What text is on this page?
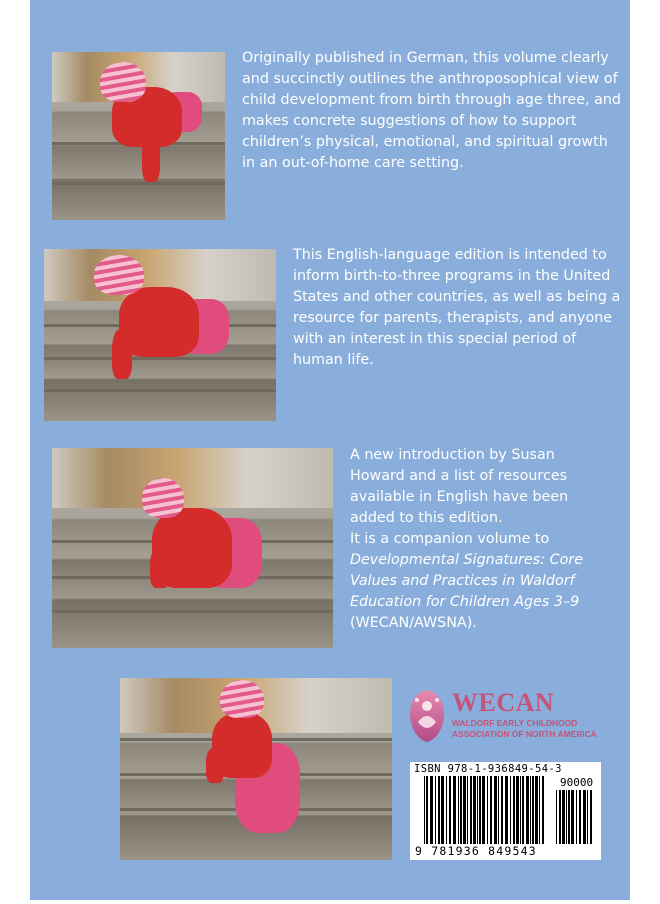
Originally published in German, this volume clearly and succinctly outlines the anthroposophical view of child development from birth through age three, and makes concrete suggestions of how to support children’s physical, emotional, and spiritual growth in an out-of-home care setting.

This English-language edition is intended to inform birth-to-three programs in the United States and other countries, as well as being a resource for parents, therapists, and anyone with an interest in this special period of human life.

A new introduction by Susan Howard and a list of resources available in English have been added to this edition.

It is a companion volume to Developmental Signatures: Core Values and Practices in Waldorf Education for Children Ages 3–9 (WECAN/AWSNA).

WECAN
WALDORF EARLY CHILDHOOD
ASSOCIATION OF NORTH AMERICA
ISBN 978-1-936849-54-3
90000
9 781936 849543
